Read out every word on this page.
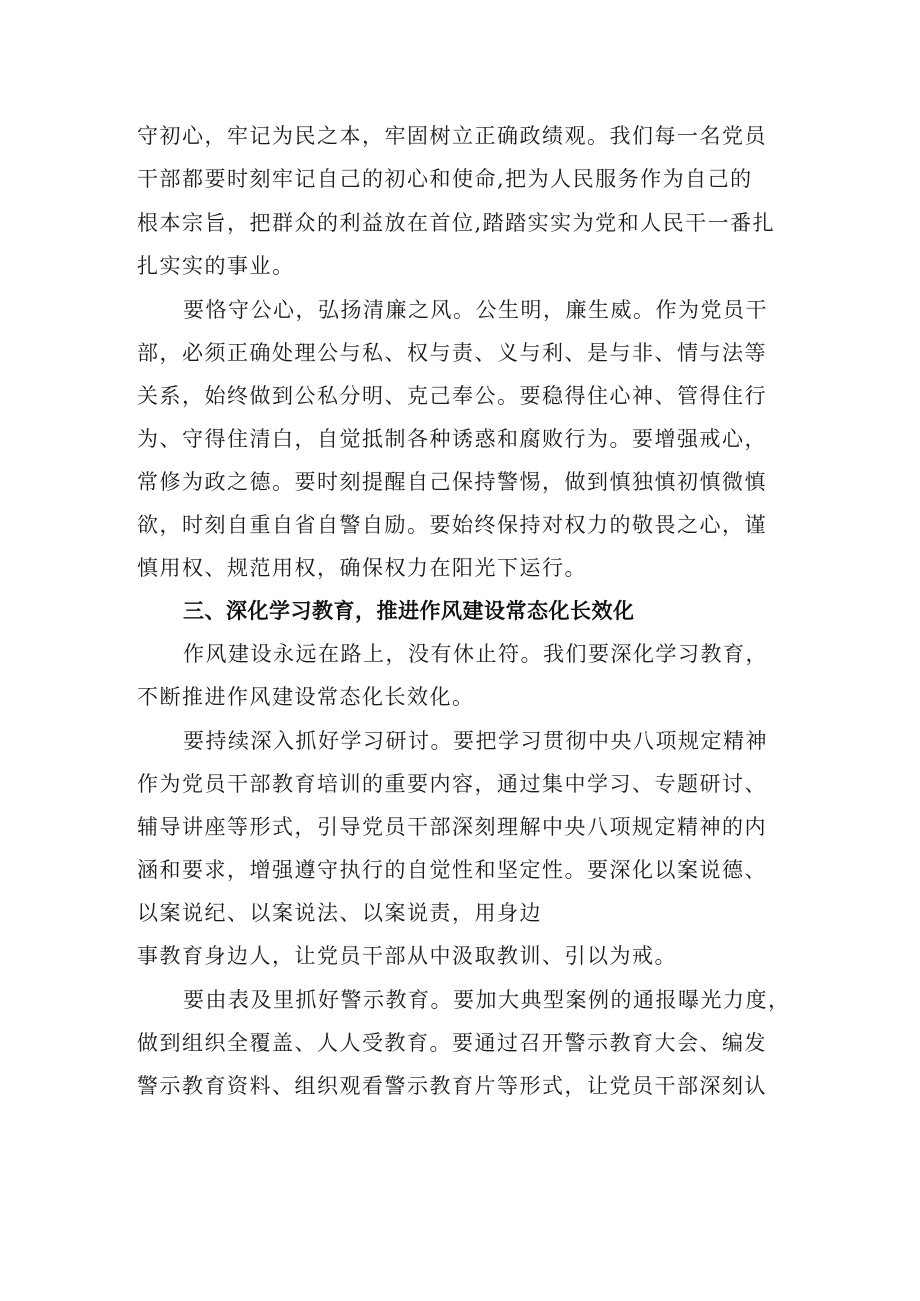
守初心，牢记为民之本，牢固树立正确政绩观。我们每一名党员
干部都要时刻牢记自己的初心和使命,把为人民服务作为自己的
根本宗旨，把群众的利益放在首位,踏踏实实为党和人民干一番扎
扎实实的事业。
要恪守公心，弘扬清廉之风。公生明，廉生威。作为党员干
部，必须正确处理公与私、权与责、义与利、是与非、情与法等
关系，始终做到公私分明、克己奉公。要稳得住心神、管得住行
为、守得住清白，自觉抵制各种诱惑和腐败行为。要增强戒心，
常修为政之德。要时刻提醒自己保持警惕，做到慎独慎初慎微慎
欲，时刻自重自省自警自励。要始终保持对权力的敬畏之心，谨
慎用权、规范用权，确保权力在阳光下运行。
三、深化学习教育，推进作风建设常态化长效化
作风建设永远在路上，没有休止符。我们要深化学习教育，
不断推进作风建设常态化长效化。
要持续深入抓好学习研讨。要把学习贯彻中央八项规定精神
作为党员干部教育培训的重要内容，通过集中学习、专题研讨、
辅导讲座等形式，引导党员干部深刻理解中央八项规定精神的内
涵和要求，增强遵守执行的自觉性和坚定性。要深化以案说德、
以案说纪、以案说法、以案说责，用身边
事教育身边人，让党员干部从中汲取教训、引以为戒。
要由表及里抓好警示教育。要加大典型案例的通报曝光力度，
做到组织全覆盖、人人受教育。要通过召开警示教育大会、编发
警示教育资料、组织观看警示教育片等形式，让党员干部深刻认
